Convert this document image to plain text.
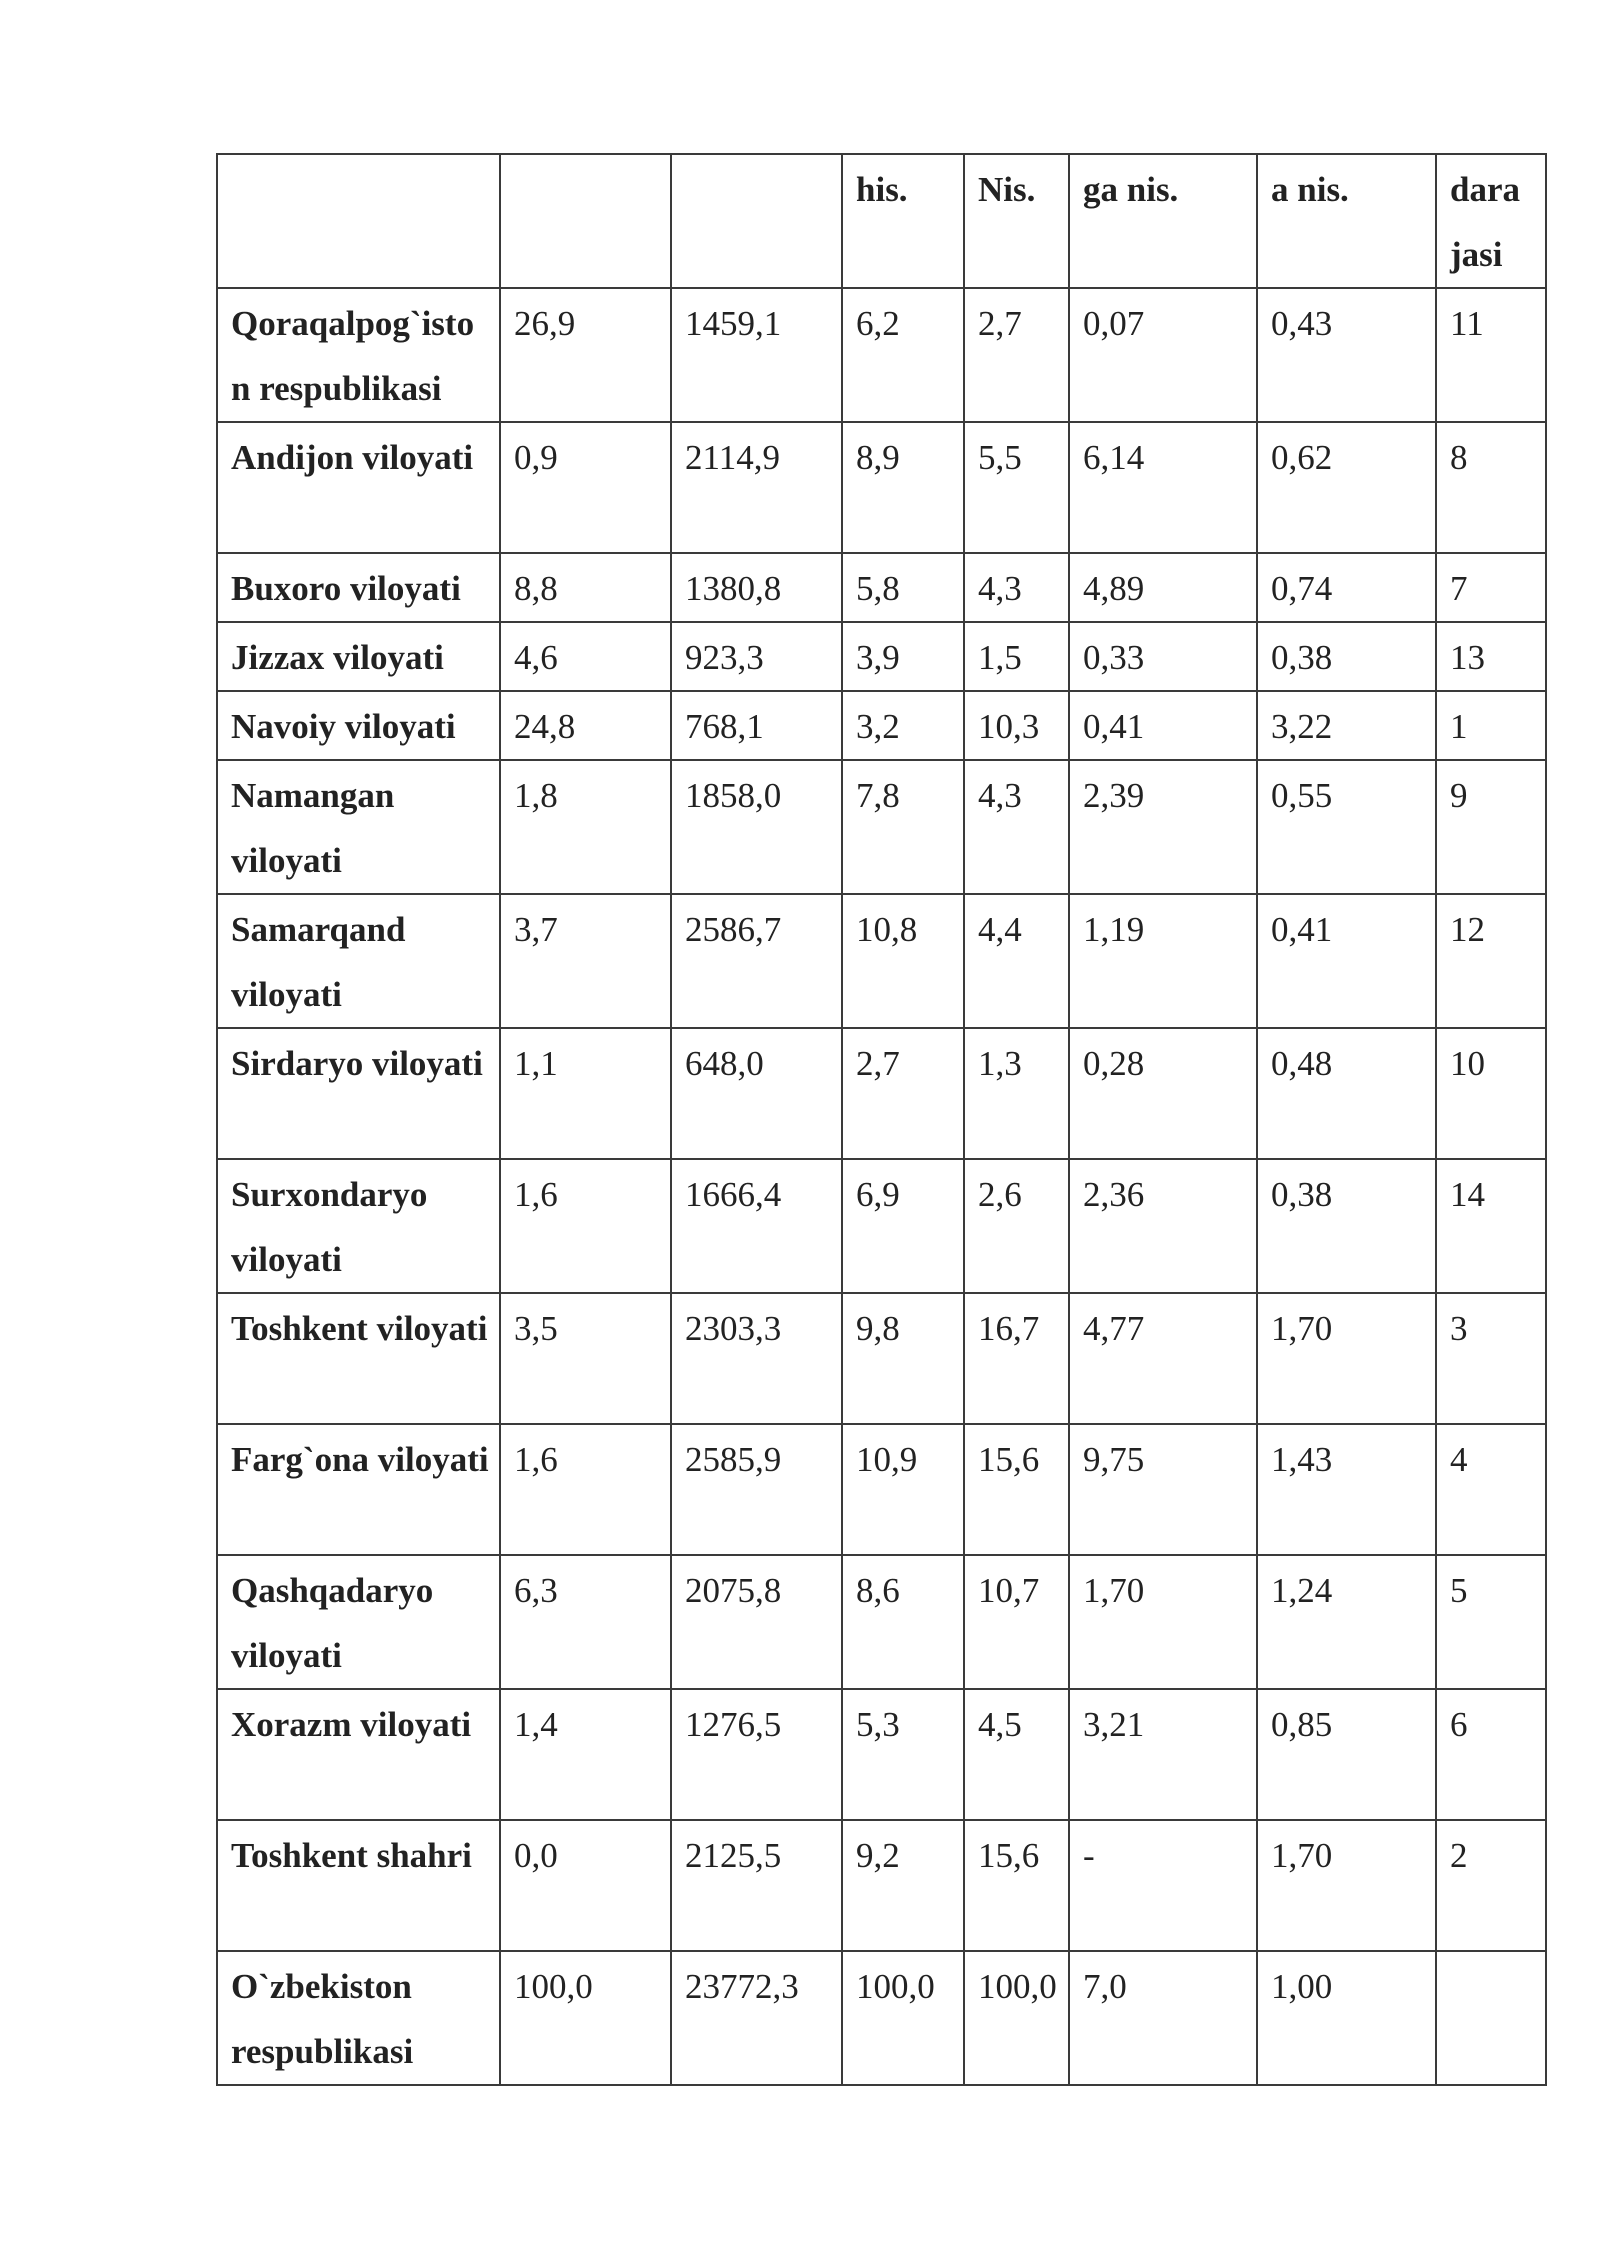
			his.	Nis.	ga nis.	a nis.	dara jasi
Qoraqalpog`iston respublikasi	26,9	1459,1	6,2	2,7	0,07	0,43	11
Andijon viloyati	0,9	2114,9	8,9	5,5	6,14	0,62	8
Buxoro viloyati	8,8	1380,8	5,8	4,3	4,89	0,74	7
Jizzax viloyati	4,6	923,3	3,9	1,5	0,33	0,38	13
Navoiy viloyati	24,8	768,1	3,2	10,3	0,41	3,22	1
Namangan viloyati	1,8	1858,0	7,8	4,3	2,39	0,55	9
Samarqand viloyati	3,7	2586,7	10,8	4,4	1,19	0,41	12
Sirdaryo viloyati	1,1	648,0	2,7	1,3	0,28	0,48	10
Surxondaryo viloyati	1,6	1666,4	6,9	2,6	2,36	0,38	14
Toshkent viloyati	3,5	2303,3	9,8	16,7	4,77	1,70	3
Farg`ona viloyati	1,6	2585,9	10,9	15,6	9,75	1,43	4
Qashqadaryo viloyati	6,3	2075,8	8,6	10,7	1,70	1,24	5
Xorazm viloyati	1,4	1276,5	5,3	4,5	3,21	0,85	6
Toshkent shahri	0,0	2125,5	9,2	15,6	-	1,70	2
O`zbekiston respublikasi	100,0	23772,3	100,0	100,0	7,0	1,00	
